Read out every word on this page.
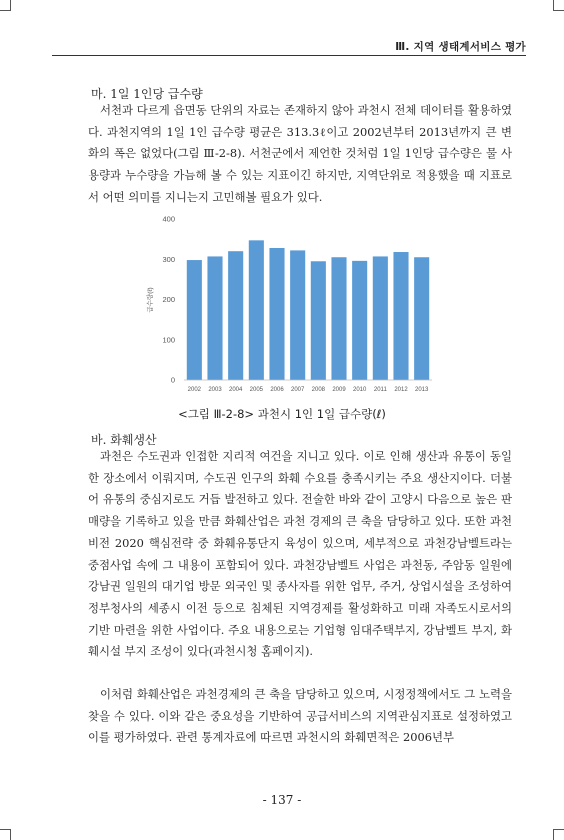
Ⅲ. 지역 생태계서비스 평가
마. 1일 1인당 급수량
서천과 다르게 읍면동 단위의 자료는 존재하지 않아 과천시 전체 데이터를 활용하였다. 과천지역의 1일 1인 급수량 평균은 313.3ℓ이고 2002년부터 2013년까지 큰 변화의 폭은 없었다(그림 Ⅲ-2-8). 서천군에서 제언한 것처럼 1일 1인당 급수량은 물 사용량과 누수량을 가늠해 볼 수 있는 지표이긴 하지만, 지역단위로 적용했을 때 지표로서 어떤 의미를 지니는지 고민해볼 필요가 있다.
0
100
200
300
400
2002 2003 2004 2005 2006 2007 2008 2009 2010 2011 2012 2013
급수량(ℓ)
<그림 Ⅲ-2-8> 과천시 1인 1일 급수량(ℓ)
바. 화훼생산
과천은 수도권과 인접한 지리적 여건을 지니고 있다. 이로 인해 생산과 유통이 동일한 장소에서 이뤄지며, 수도권 인구의 화훼 수요를 충족시키는 주요 생산지이다. 더불어 유통의 중심지로도 거듭 발전하고 있다. 전술한 바와 같이 고양시 다음으로 높은 판매량을 기록하고 있을 만큼 화훼산업은 과천 경제의 큰 축을 담당하고 있다. 또한 과천비전 2020 핵심전략 중 화훼유통단지 육성이 있으며, 세부적으로 과천강남벨트라는 중점사업 속에 그 내용이 포함되어 있다. 과천강남벨트 사업은 과천동, 주암동 일원에 강남권 일원의 대기업 방문 외국인 및 종사자를 위한 업무, 주거, 상업시설을 조성하여 정부청사의 세종시 이전 등으로 침체된 지역경제를 활성화하고 미래 자족도시로서의 기반 마련을 위한 사업이다. 주요 내용으로는 기업형 임대주택부지, 강남벨트 부지, 화훼시설 부지 조성이 있다(과천시청 홈페이지).
이처럼 화훼산업은 과천경제의 큰 축을 담당하고 있으며, 시정정책에서도 그 노력을 찾을 수 있다. 이와 같은 중요성을 기반하여 공급서비스의 지역관심지표로 설정하였고 이를 평가하였다. 관련 통계자료에 따르면 과천시의 화훼면적은 2006년부
- 137 -
